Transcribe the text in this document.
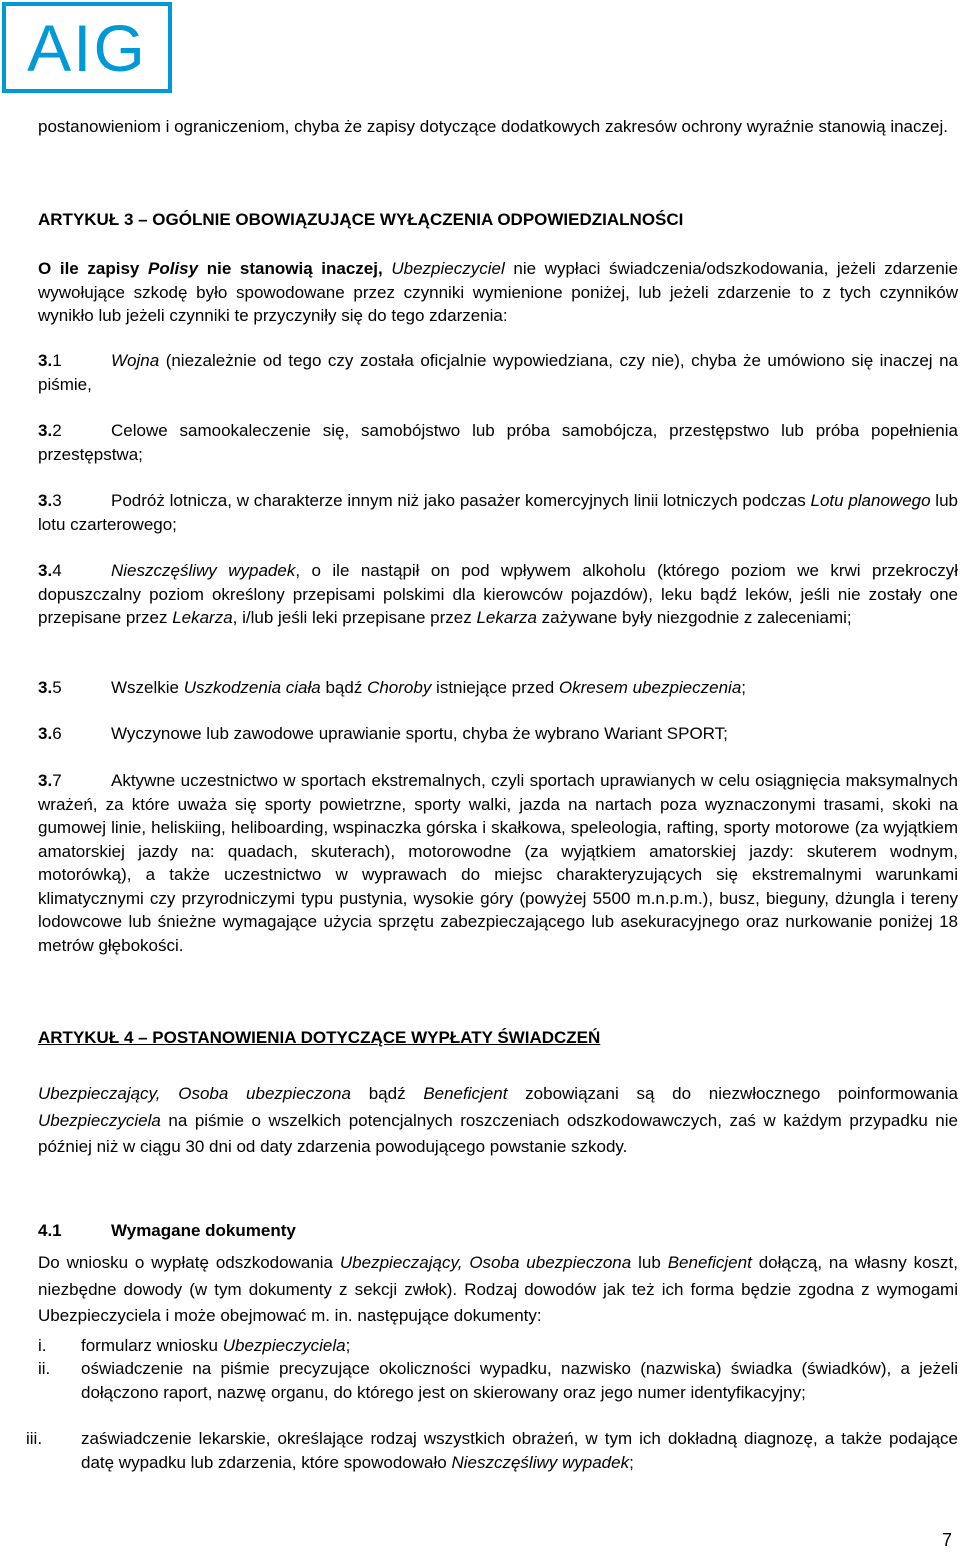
AIG
postanowieniom i ograniczeniom, chyba że zapisy dotyczące dodatkowych zakresów ochrony wyraźnie stanowią inaczej.
ARTYKUŁ 3 – OGÓLNIE OBOWIĄZUJĄCE WYŁĄCZENIA ODPOWIEDZIALNOŚCI
O ile zapisy Polisy nie stanowią inaczej, Ubezpieczyciel nie wypłaci świadczenia/odszkodowania, jeżeli zdarzenie wywołujące szkodę było spowodowane przez czynniki wymienione poniżej, lub jeżeli zdarzenie to z tych czynników wynikło lub jeżeli czynniki te przyczyniły się do tego zdarzenia:
3.1	Wojna (niezależnie od tego czy została oficjalnie wypowiedziana, czy nie), chyba że umówiono się inaczej na piśmie,
3.2	Celowe samookaleczenie się, samobójstwo lub próba samobójcza, przestępstwo lub próba popełnienia przestępstwa;
3.3	Podróż lotnicza, w charakterze innym niż jako pasażer komercyjnych linii lotniczych podczas Lotu planowego lub lotu czarterowego;
3.4	Nieszczęśliwy wypadek, o ile nastąpił on pod wpływem alkoholu (którego poziom we krwi przekroczył dopuszczalny poziom określony przepisami polskimi dla kierowców pojazdów), leku bądź leków, jeśli nie zostały one przepisane przez Lekarza, i/lub jeśli leki przepisane przez Lekarza zażywane były niezgodnie z zaleceniami;
3.5	Wszelkie Uszkodzenia ciała bądź Choroby istniejące przed Okresem ubezpieczenia;
3.6	Wyczynowe lub zawodowe uprawianie sportu, chyba że wybrano Wariant SPORT;
3.7	Aktywne uczestnictwo w sportach ekstremalnych, czyli sportach uprawianych w celu osiągnięcia maksymalnych wrażeń, za które uważa się sporty powietrzne, sporty walki, jazda na nartach poza wyznaczonymi trasami, skoki na gumowej linie, heliskiing, heliboarding, wspinaczka górska i skałkowa, speleologia, rafting, sporty motorowe (za wyjątkiem amatorskiej jazdy na: quadach, skuterach), motorowodne (za wyjątkiem amatorskiej jazdy: skuterem wodnym, motorówką), a także uczestnictwo w wyprawach do miejsc charakteryzujących się ekstremalnymi warunkami klimatycznymi czy przyrodniczymi typu pustynia, wysokie góry (powyżej 5500 m.n.p.m.), busz, bieguny, dżungla i tereny lodowcowe lub śnieżne wymagające użycia sprzętu zabezpieczającego lub asekuracyjnego oraz nurkowanie poniżej 18 metrów głębokości.
ARTYKUŁ 4 – POSTANOWIENIA DOTYCZĄCE WYPŁATY ŚWIADCZEŃ
Ubezpieczający, Osoba ubezpieczona bądź Beneficjent zobowiązani są do niezwłocznego poinformowania Ubezpieczyciela na piśmie o wszelkich potencjalnych roszczeniach odszkodowawczych, zaś w każdym przypadku nie później niż w ciągu 30 dni od daty zdarzenia powodującego powstanie szkody.
4.1	Wymagane dokumenty
Do wniosku o wypłatę odszkodowania Ubezpieczający, Osoba ubezpieczona lub Beneficjent dołączą, na własny koszt, niezbędne dowody (w tym dokumenty z sekcji zwłok). Rodzaj dowodów jak też ich forma będzie zgodna z wymogami Ubezpieczyciela i może obejmować m. in. następujące dokumenty:
i.	formularz wniosku Ubezpieczyciela;
ii.	oświadczenie na piśmie precyzujące okoliczności wypadku, nazwisko (nazwiska) świadka (świadków), a jeżeli dołączono raport, nazwę organu, do którego jest on skierowany oraz jego numer identyfikacyjny;
iii.	zaświadczenie lekarskie, określające rodzaj wszystkich obrażeń, w tym ich dokładną diagnozę, a także podające datę wypadku lub zdarzenia, które spowodowało Nieszczęśliwy wypadek;
7
